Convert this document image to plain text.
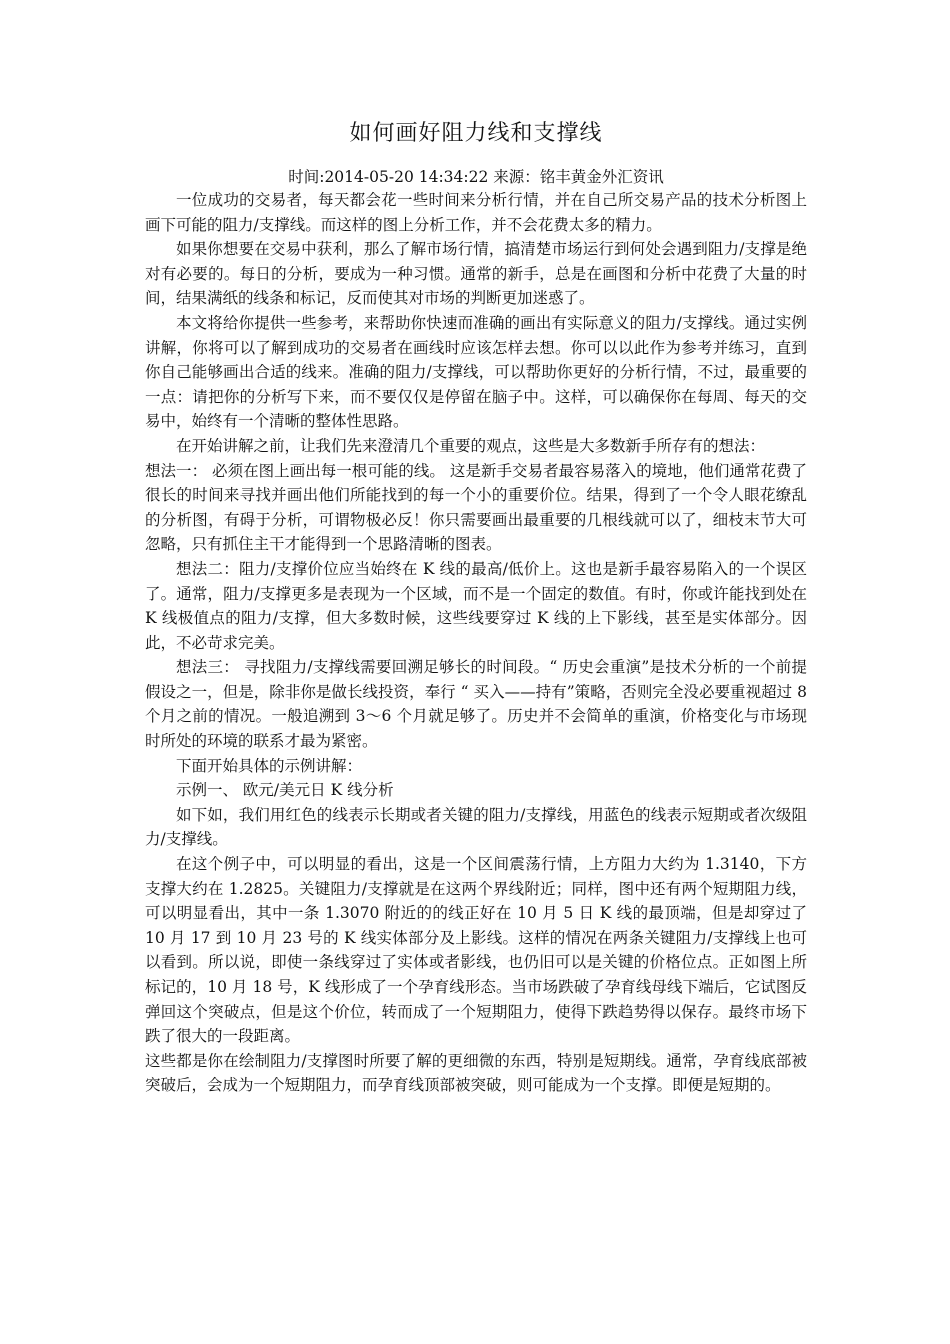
如何画好阻力线和支撑线

时间:2014-05-20 14:34:22 来源：铭丰黄金外汇资讯

一位成功的交易者，每天都会花一些时间来分析行情，并在自己所交易产品的技术分析图上画下可能的阻力/支撑线。而这样的图上分析工作，并不会花费太多的精力。

如果你想要在交易中获利，那么了解市场行情，搞清楚市场运行到何处会遇到阻力/支撑是绝对有必要的。每日的分析，要成为一种习惯。通常的新手，总是在画图和分析中花费了大量的时间，结果满纸的线条和标记，反而使其对市场的判断更加迷惑了。

本文将给你提供一些参考，来帮助你快速而准确的画出有实际意义的阻力/支撑线。通过实例讲解，你将可以了解到成功的交易者在画线时应该怎样去想。你可以以此作为参考并练习，直到你自己能够画出合适的线来。准确的阻力/支撑线，可以帮助你更好的分析行情，不过，最重要的一点：请把你的分析写下来，而不要仅仅是停留在脑子中。这样，可以确保你在每周、每天的交易中，始终有一个清晰的整体性思路。

在开始讲解之前，让我们先来澄清几个重要的观点，这些是大多数新手所存有的想法：

想法一： 必须在图上画出每一根可能的线。 这是新手交易者最容易落入的境地，他们通常花费了很长的时间来寻找并画出他们所能找到的每一个小的重要价位。结果，得到了一个令人眼花缭乱的分析图，有碍于分析，可谓物极必反！你只需要画出最重要的几根线就可以了，细枝末节大可忽略，只有抓住主干才能得到一个思路清晰的图表。

想法二：阻力/支撑价位应当始终在 K 线的最高/低价上。这也是新手最容易陷入的一个误区了。通常，阻力/支撑更多是表现为一个区域，而不是一个固定的数值。有时，你或许能找到处在 K 线极值点的阻力/支撑，但大多数时候，这些线要穿过 K 线的上下影线，甚至是实体部分。因此，不必苛求完美。

想法三： 寻找阻力/支撑线需要回溯足够长的时间段。“ 历史会重演”是技术分析的一个前提假设之一，但是，除非你是做长线投资，奉行 “ 买入——持有”策略，否则完全没必要重视超过 8 个月之前的情况。一般追溯到 3～6 个月就足够了。历史并不会简单的重演，价格变化与市场现时所处的环境的联系才最为紧密。

下面开始具体的示例讲解：

示例一、 欧元/美元日 K 线分析

如下如，我们用红色的线表示长期或者关键的阻力/支撑线，用蓝色的线表示短期或者次级阻力/支撑线。

在这个例子中，可以明显的看出，这是一个区间震荡行情，上方阻力大约为 1.3140，下方支撑大约在 1.2825。关键阻力/支撑就是在这两个界线附近；同样，图中还有两个短期阻力线，可以明显看出，其中一条 1.3070 附近的的线正好在 10 月 5 日 K 线的最顶端，但是却穿过了 10 月 17 到 10 月 23 号的 K 线实体部分及上影线。这样的情况在两条关键阻力/支撑线上也可以看到。所以说，即使一条线穿过了实体或者影线，也仍旧可以是关键的价格位点。正如图上所标记的，10 月 18 号，K 线形成了一个孕育线形态。当市场跌破了孕育线母线下端后，它试图反弹回这个突破点，但是这个价位，转而成了一个短期阻力，使得下跌趋势得以保存。最终市场下跌了很大的一段距离。

这些都是你在绘制阻力/支撑图时所要了解的更细微的东西，特别是短期线。通常，孕育线底部被突破后，会成为一个短期阻力，而孕育线顶部被突破，则可能成为一个支撑。即便是短期的。
